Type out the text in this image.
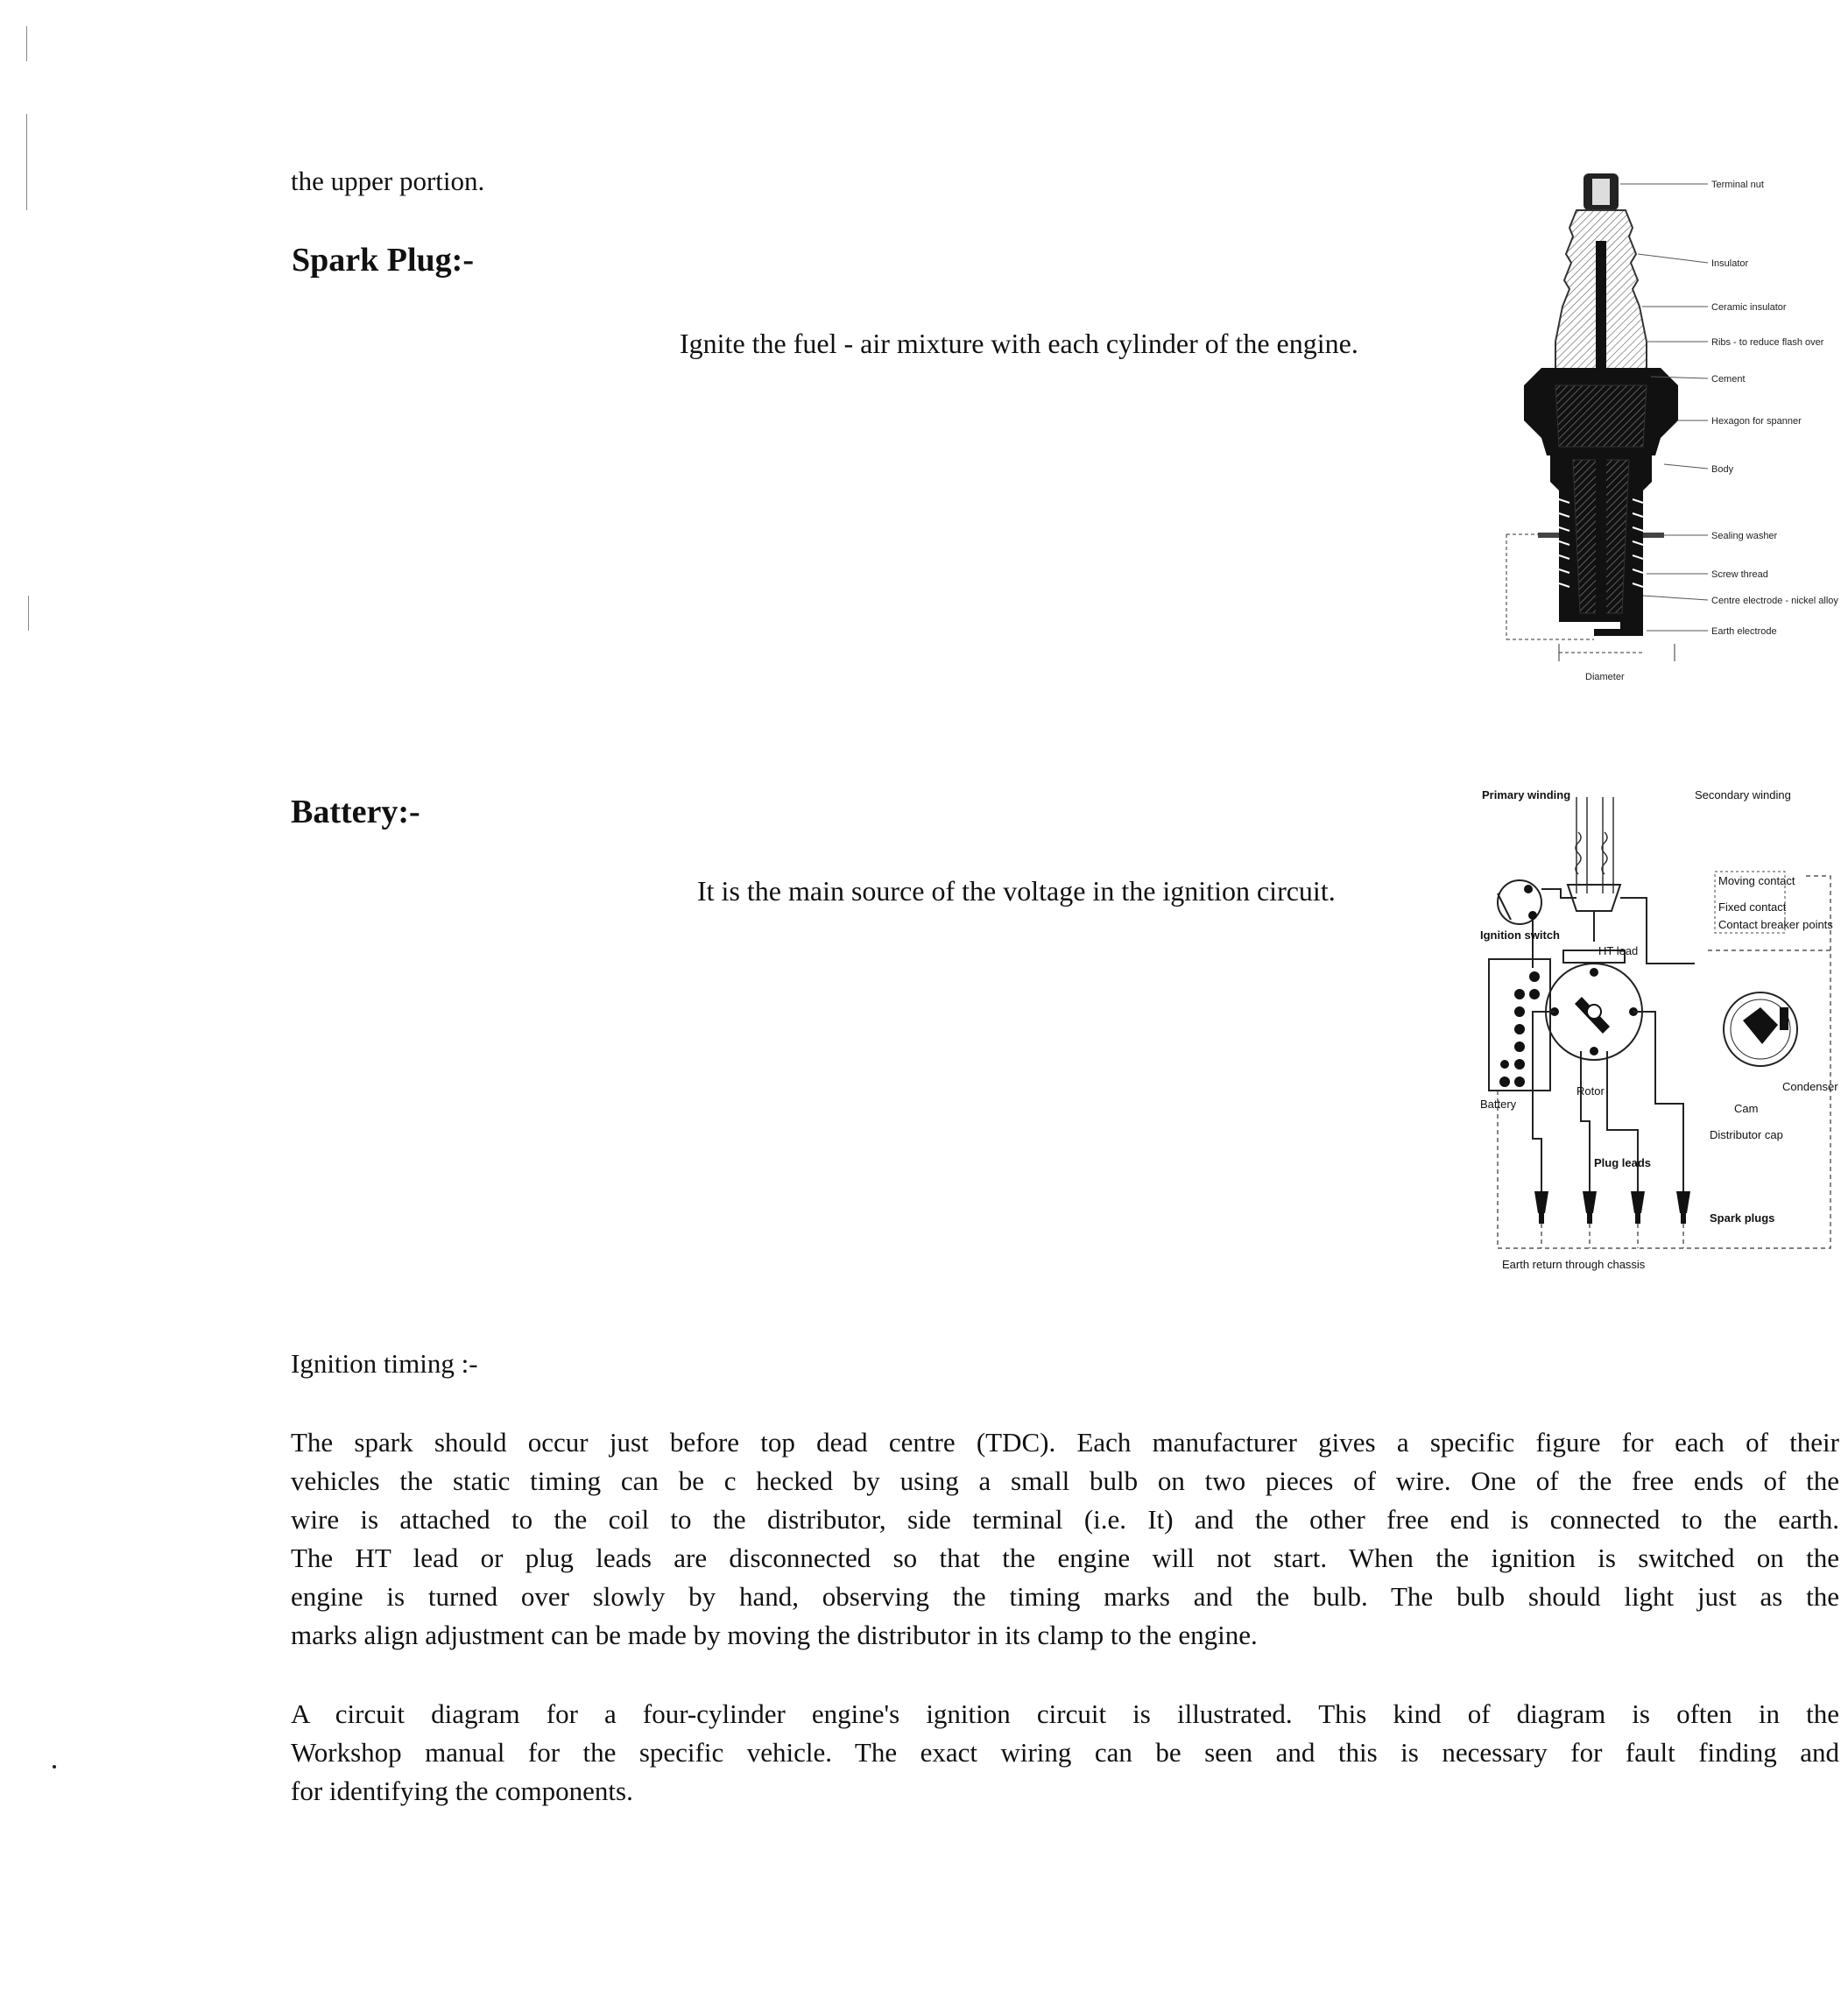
the upper portion.
Spark Plug:-
Ignite the fuel - air mixture with each cylinder of the engine.
Terminal nut
Insulator
Ceramic insulator
Ribs - to reduce flash over
Cement
Hexagon for spanner
Body
Sealing washer
Screw thread
Centre electrode - nickel alloy
Earth electrode
Diameter
Battery:-
It is the main source of the voltage in the ignition circuit.
Primary winding	Secondary winding
Ignition switch
HT lead
Moving contact
Fixed contact
Contact breaker points
Battery
Rotor
Cam
Condenser
Distributor cap
Plug leads
Spark plugs
Earth return through chassis
Ignition timing :-
The spark should occur just before top dead centre (TDC). Each manufacturer gives a specific figure for each of their
vehicles the static timing can be c hecked by using a small bulb on two pieces of wire. One of the free ends of the
wire is attached to the coil to the distributor, side terminal (i.e. It) and the other free end is connected to the earth.
The HT lead or plug leads are disconnected so that the engine will not start. When the ignition is switched on the
engine is turned over slowly by hand, observing the timing marks and the bulb. The bulb should light just as the
marks align adjustment can be made by moving the distributor in its clamp to the engine.
A circuit diagram for a four-cylinder engine's ignition circuit is illustrated. This kind of diagram is often in the
Workshop manual for the specific vehicle. The exact wiring can be seen and this is necessary for fault finding and
for identifying the components.
